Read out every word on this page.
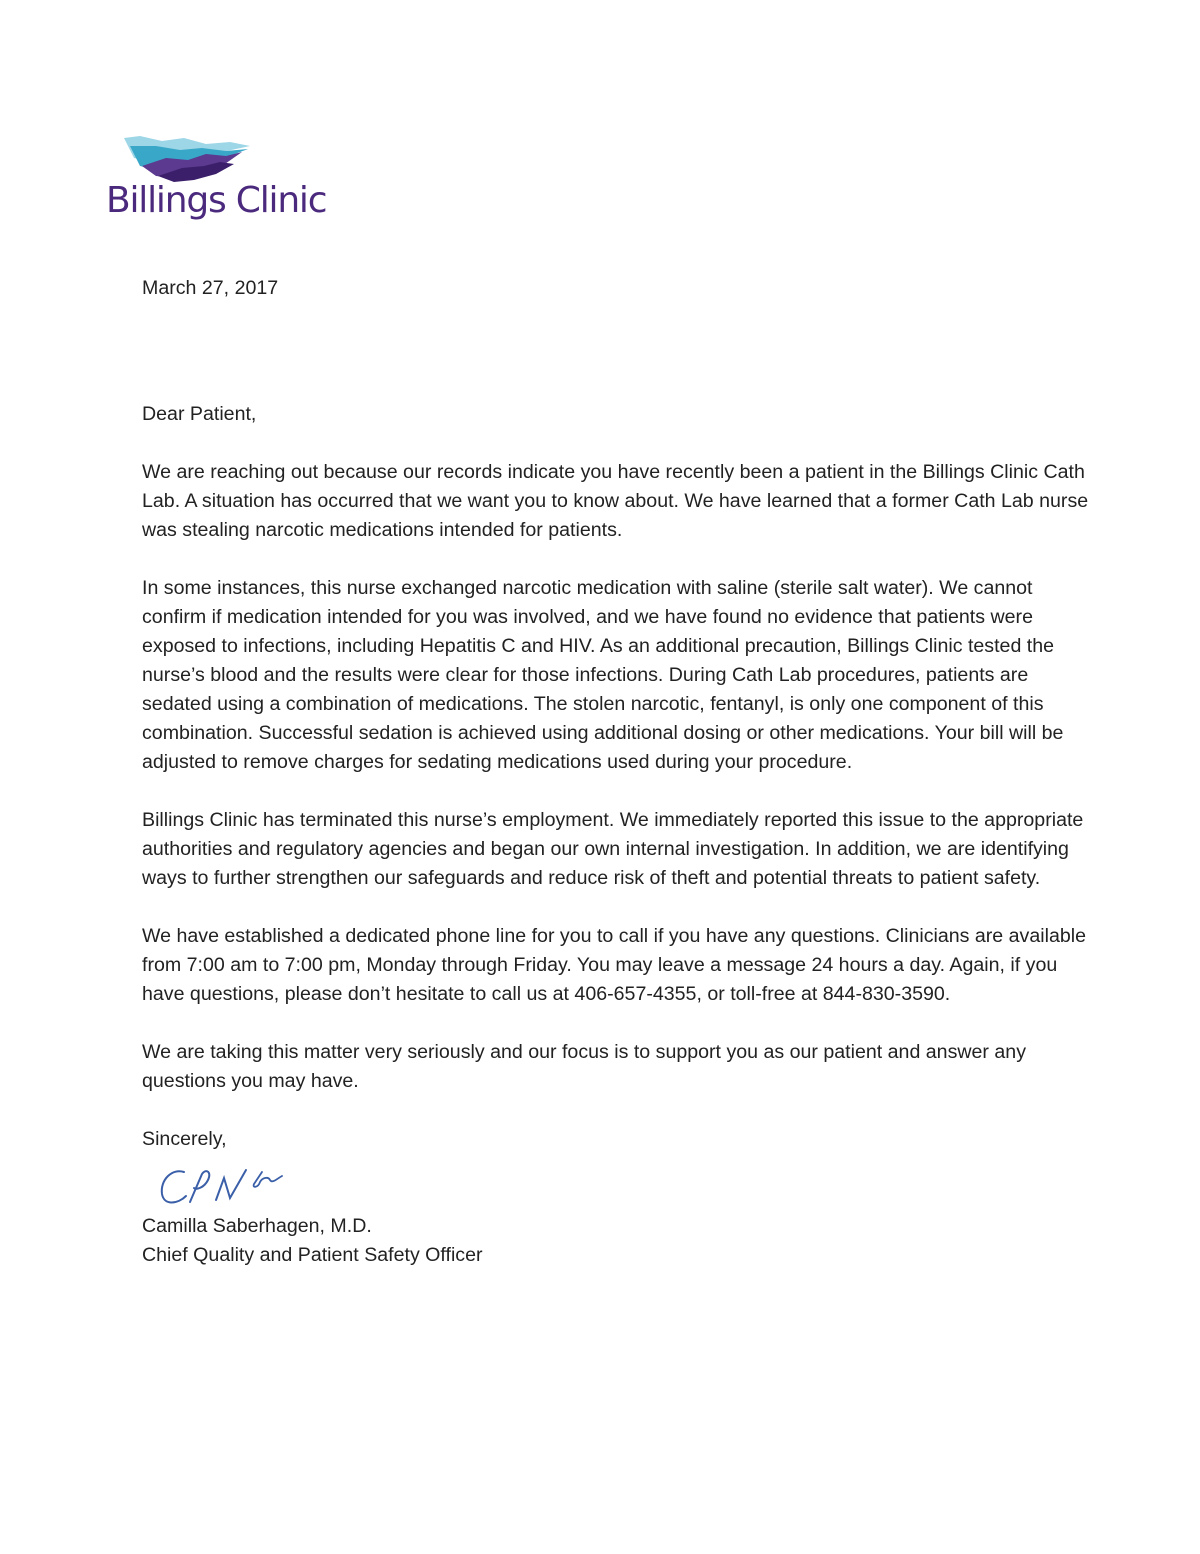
Billings Clinic

March 27, 2017

Dear Patient,

We are reaching out because our records indicate you have recently been a patient in the Billings Clinic Cath Lab. A situation has occurred that we want you to know about. We have learned that a former Cath Lab nurse was stealing narcotic medications intended for patients.

In some instances, this nurse exchanged narcotic medication with saline (sterile salt water). We cannot confirm if medication intended for you was involved, and we have found no evidence that patients were exposed to infections, including Hepatitis C and HIV. As an additional precaution, Billings Clinic tested the nurse’s blood and the results were clear for those infections. During Cath Lab procedures, patients are sedated using a combination of medications. The stolen narcotic, fentanyl, is only one component of this combination. Successful sedation is achieved using additional dosing or other medications. Your bill will be adjusted to remove charges for sedating medications used during your procedure.

Billings Clinic has terminated this nurse’s employment. We immediately reported this issue to the appropriate authorities and regulatory agencies and began our own internal investigation. In addition, we are identifying ways to further strengthen our safeguards and reduce risk of theft and potential threats to patient safety.

We have established a dedicated phone line for you to call if you have any questions. Clinicians are available from 7:00 am to 7:00 pm, Monday through Friday. You may leave a message 24 hours a day. Again, if you have questions, please don’t hesitate to call us at 406-657-4355, or toll-free at 844-830-3590.

We are taking this matter very seriously and our focus is to support you as our patient and answer any questions you may have.

Sincerely,

Camilla Saberhagen, M.D.

Chief Quality and Patient Safety Officer
